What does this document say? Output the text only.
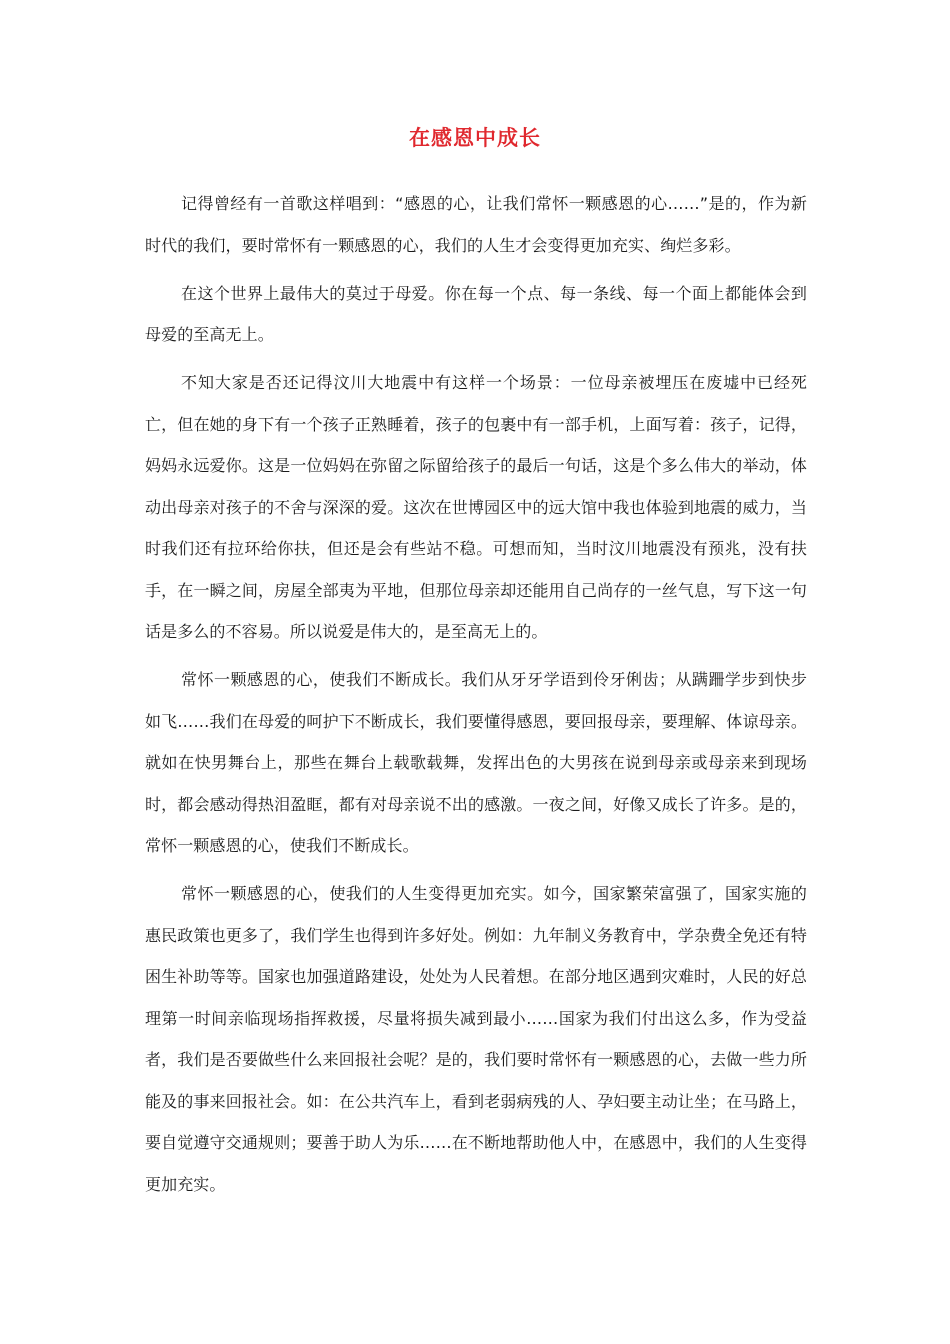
在感恩中成长

记得曾经有一首歌这样唱到：“感恩的心，让我们常怀一颗感恩的心……”是的，作为新时代的我们，要时常怀有一颗感恩的心，我们的人生才会变得更加充实、绚烂多彩。

在这个世界上最伟大的莫过于母爱。你在每一个点、每一条线、每一个面上都能体会到母爱的至高无上。

不知大家是否还记得汶川大地震中有这样一个场景：一位母亲被埋压在废墟中已经死亡，但在她的身下有一个孩子正熟睡着，孩子的包裹中有一部手机，上面写着：孩子，记得，妈妈永远爱你。这是一位妈妈在弥留之际留给孩子的最后一句话，这是个多么伟大的举动，体动出母亲对孩子的不舍与深深的爱。这次在世博园区中的远大馆中我也体验到地震的威力，当时我们还有拉环给你扶，但还是会有些站不稳。可想而知，当时汶川地震没有预兆，没有扶手，在一瞬之间，房屋全部夷为平地，但那位母亲却还能用自己尚存的一丝气息，写下这一句话是多么的不容易。所以说爱是伟大的，是至高无上的。

常怀一颗感恩的心，使我们不断成长。我们从牙牙学语到伶牙俐齿；从蹒跚学步到快步如飞……我们在母爱的呵护下不断成长，我们要懂得感恩，要回报母亲，要理解、体谅母亲。就如在快男舞台上，那些在舞台上载歌载舞，发挥出色的大男孩在说到母亲或母亲来到现场时，都会感动得热泪盈眶，都有对母亲说不出的感激。一夜之间，好像又成长了许多。是的，常怀一颗感恩的心，使我们不断成长。

常怀一颗感恩的心，使我们的人生变得更加充实。如今，国家繁荣富强了，国家实施的惠民政策也更多了，我们学生也得到许多好处。例如：九年制义务教育中，学杂费全免还有特困生补助等等。国家也加强道路建设，处处为人民着想。在部分地区遇到灾难时，人民的好总理第一时间亲临现场指挥救援，尽量将损失减到最小……国家为我们付出这么多，作为受益者，我们是否要做些什么来回报社会呢？是的，我们要时常怀有一颗感恩的心，去做一些力所能及的事来回报社会。如：在公共汽车上，看到老弱病残的人、孕妇要主动让坐；在马路上，要自觉遵守交通规则；要善于助人为乐……在不断地帮助他人中，在感恩中，我们的人生变得更加充实。
